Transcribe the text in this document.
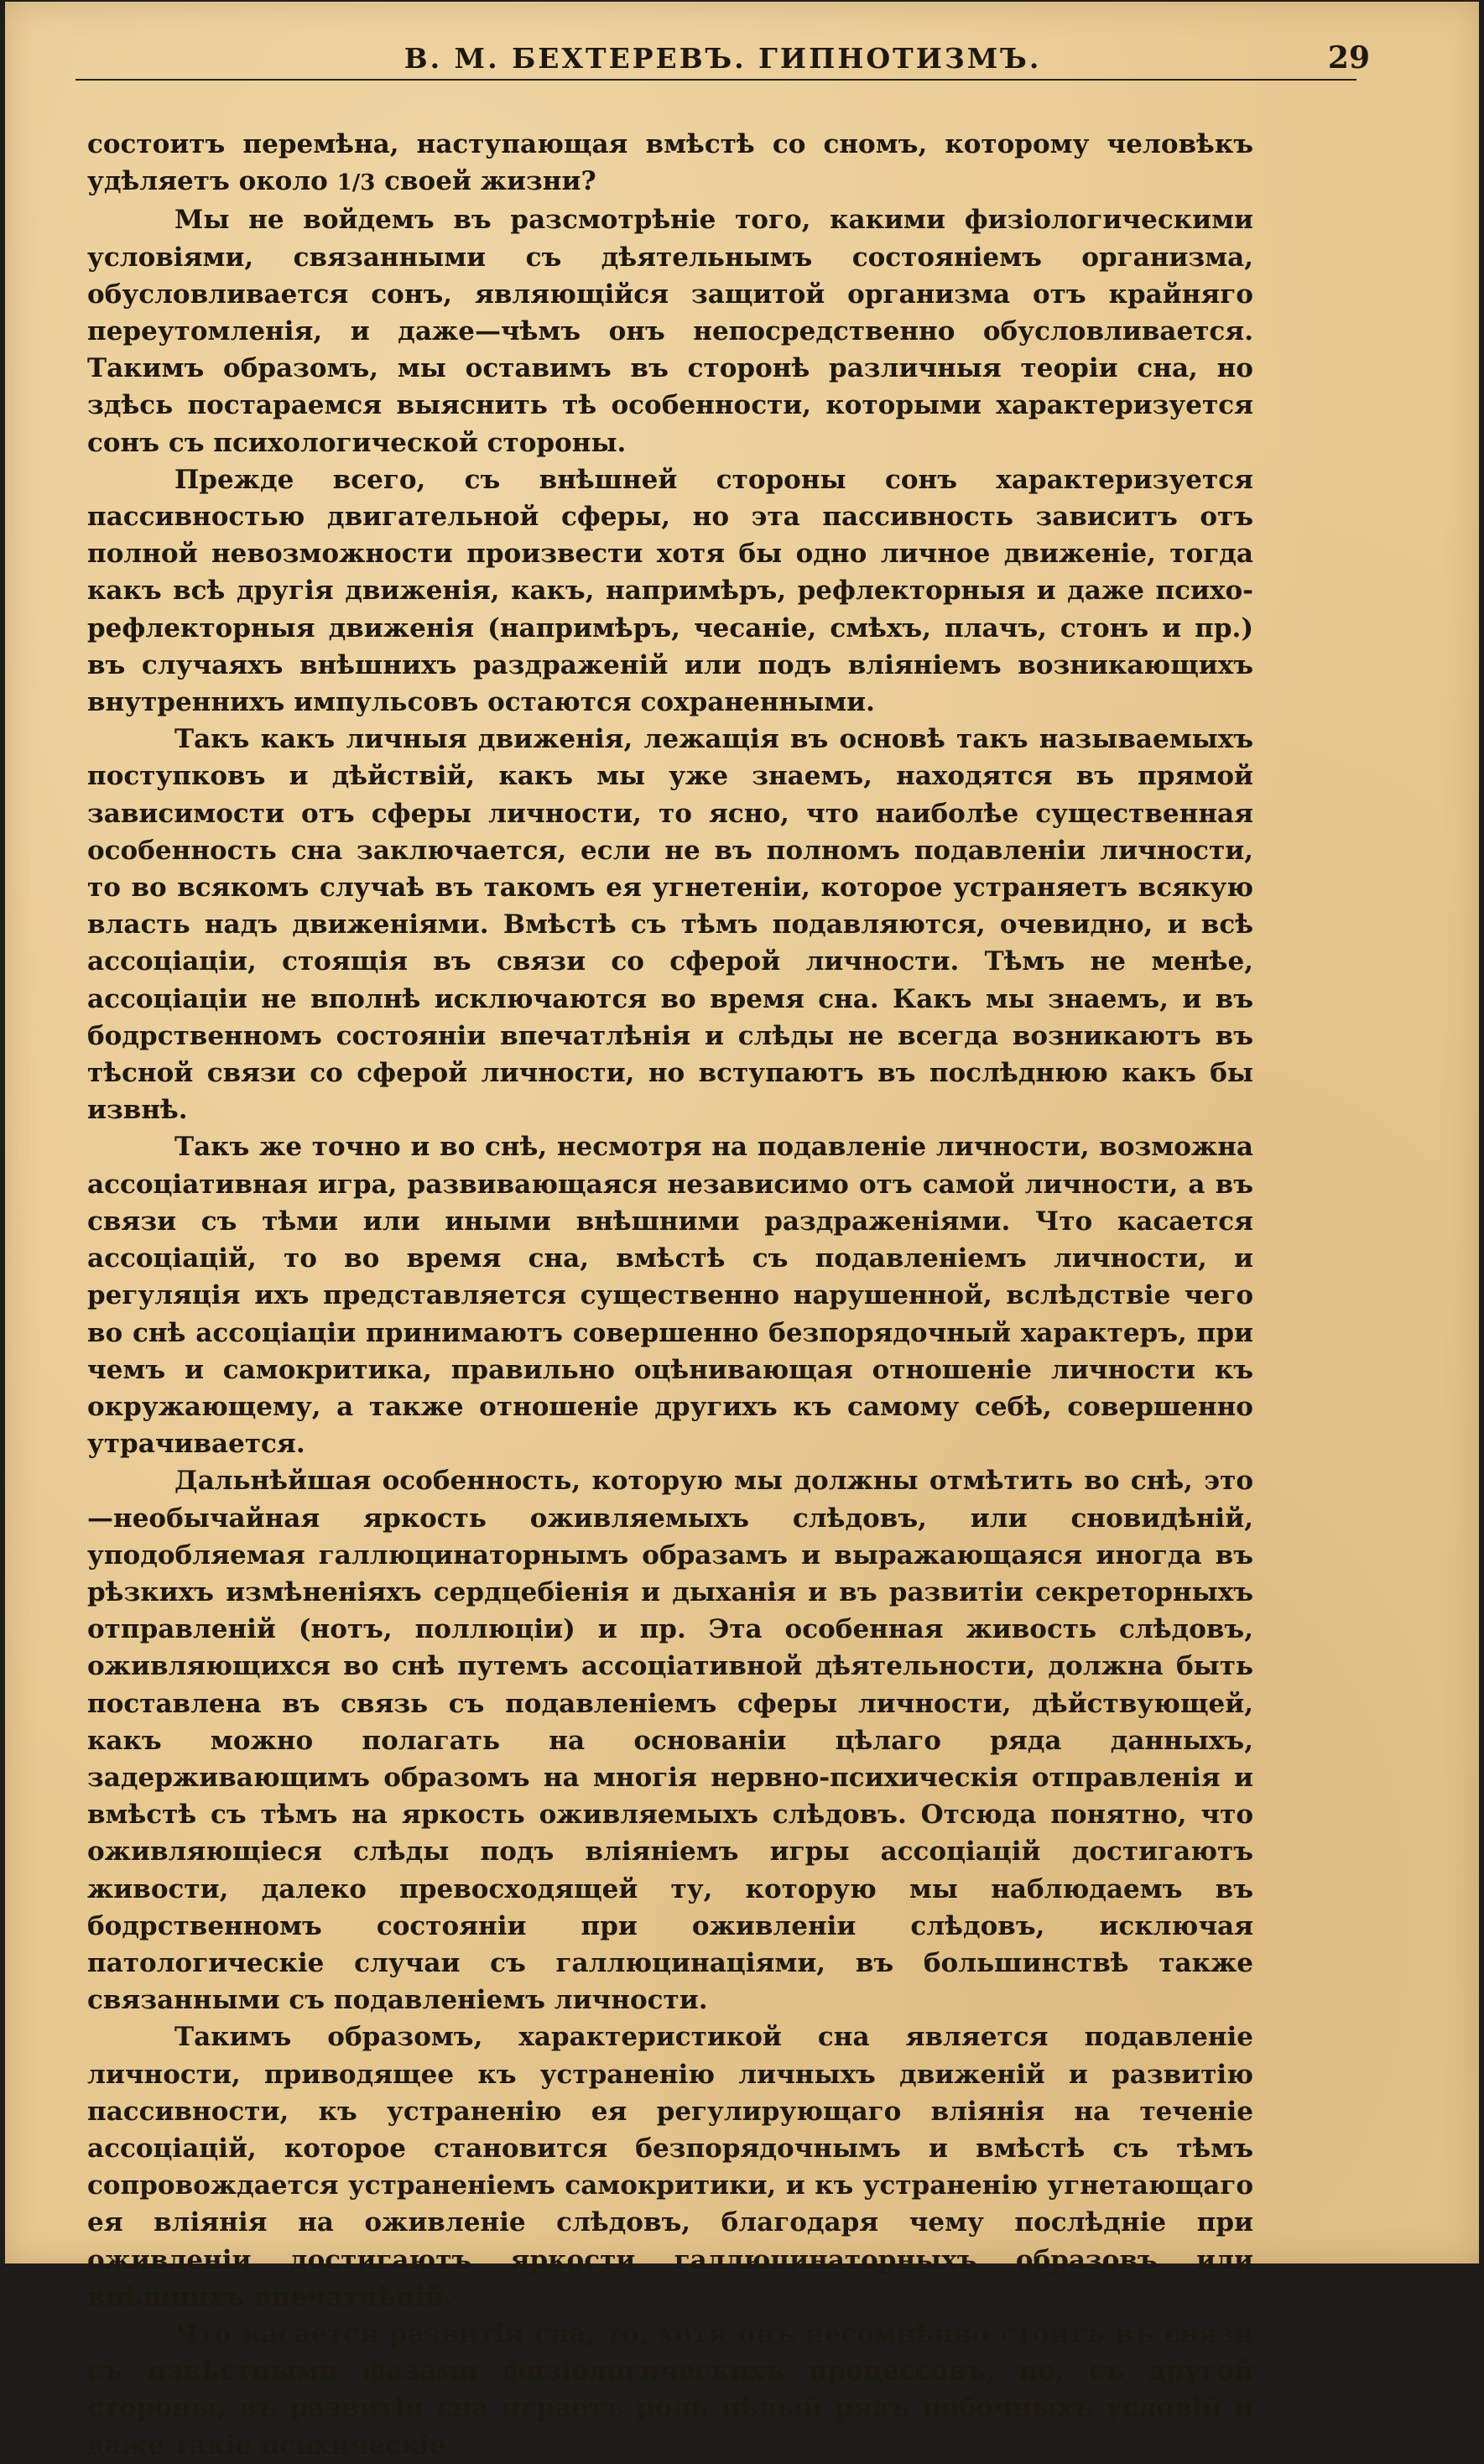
В. М. БЕХТЕРЕВЪ. ГИПНОТИЗМЪ.	29

состоитъ перемѣна, наступающая вмѣстѣ со сномъ, которому человѣкъ удѣляетъ около 1/3 своей жизни?

Мы не войдемъ въ разсмотрѣніе того, какими физіологическими условіями, связанными съ дѣятельнымъ состояніемъ организма, обусловливается сонъ, являющійся защитой организма отъ крайняго переутомленія, и даже—чѣмъ онъ непосредственно обусловливается. Такимъ образомъ, мы оставимъ въ сторонѣ различныя теоріи сна, но здѣсь постараемся выяснить тѣ особенности, которыми характеризуется сонъ съ психологической стороны.

Прежде всего, съ внѣшней стороны сонъ характеризуется пассивностью двигательной сферы, но эта пассивность зависитъ отъ полной невозможности произвести хотя бы одно личное движеніе, тогда какъ всѣ другія движенія, какъ, напримѣръ, рефлекторныя и даже психо-рефлекторныя движенія (напримѣръ, чесаніе, смѣхъ, плачъ, стонъ и пр.) въ случаяхъ внѣшнихъ раздраженій или подъ вліяніемъ возникающихъ внутреннихъ импульсовъ остаются сохраненными.

Такъ какъ личныя движенія, лежащія въ основѣ такъ называемыхъ поступковъ и дѣйствій, какъ мы уже знаемъ, находятся въ прямой зависимости отъ сферы личности, то ясно, что наиболѣе существенная особенность сна заключается, если не въ полномъ подавленіи личности, то во всякомъ случаѣ въ такомъ ея угнетеніи, которое устраняетъ всякую власть надъ движеніями. Вмѣстѣ съ тѣмъ подавляются, очевидно, и всѣ ассоціаціи, стоящія въ связи со сферой личности. Тѣмъ не менѣе, ассоціаціи не вполнѣ исключаются во время сна. Какъ мы знаемъ, и въ бодрственномъ состояніи впечатлѣнія и слѣды не всегда возникаютъ въ тѣсной связи со сферой личности, но вступаютъ въ послѣднюю какъ бы извнѣ.

Такъ же точно и во снѣ, несмотря на подавленіе личности, возможна ассоціативная игра, развивающаяся независимо отъ самой личности, а въ связи съ тѣми или иными внѣшними раздраженіями. Что касается ассоціацій, то во время сна, вмѣстѣ съ подавленіемъ личности, и регуляція ихъ представляется существенно нарушенной, вслѣдствіе чего во снѣ ассоціаціи принимаютъ совершенно безпорядочный характеръ, при чемъ и самокритика, правильно оцѣнивающая отношеніе личности къ окружающему, а также отношеніе другихъ къ самому себѣ, совершенно утрачивается.

Дальнѣйшая особенность, которую мы должны отмѣтить во снѣ, это—необычайная яркость оживляемыхъ слѣдовъ, или сновидѣній, уподобляемая галлюцинаторнымъ образамъ и выражающаяся иногда въ рѣзкихъ измѣненіяхъ сердцебіенія и дыханія и въ развитіи секреторныхъ отправленій (нотъ, поллюціи) и пр. Эта особенная живость слѣдовъ, оживляющихся во снѣ путемъ ассоціативной дѣятельности, должна быть поставлена въ связь съ подавленіемъ сферы личности, дѣйствующей, какъ можно полагать на основаніи цѣлаго ряда данныхъ, задерживающимъ образомъ на многія нервно-психическія отправленія и вмѣстѣ съ тѣмъ на яркость оживляемыхъ слѣдовъ. Отсюда понятно, что оживляющіеся слѣды подъ вліяніемъ игры ассоціацій достигаютъ живости, далеко превосходящей ту, которую мы наблюдаемъ въ бодрственномъ состояніи при оживленіи слѣдовъ, исключая патологическіе случаи съ галлюцинаціями, въ большинствѣ также связанными съ подавленіемъ личности.

Такимъ образомъ, характеристикой сна является подавленіе личности, приводящее къ устраненію личныхъ движеній и развитію пассивности, къ устраненію ея регулирующаго вліянія на теченіе ассоціацій, которое становится безпорядочнымъ и вмѣстѣ съ тѣмъ сопровождается устраненіемъ самокритики, и къ устраненію угнетающаго ея вліянія на оживленіе слѣдовъ, благодаря чему послѣдніе при оживленіи достигаютъ яркости галлюцинаторныхъ образовъ или внѣшнихъ впечатлѣній.

Что касается развитія сна, то, хотя онъ несомнѣнно стоитъ въ связи съ извѣстными фазами физіологическихъ процессовъ, но, съ другой стороны, въ развитіи сна играетъ роль цѣлый рядъ побочныхъ условій и даже такіе психическіе
